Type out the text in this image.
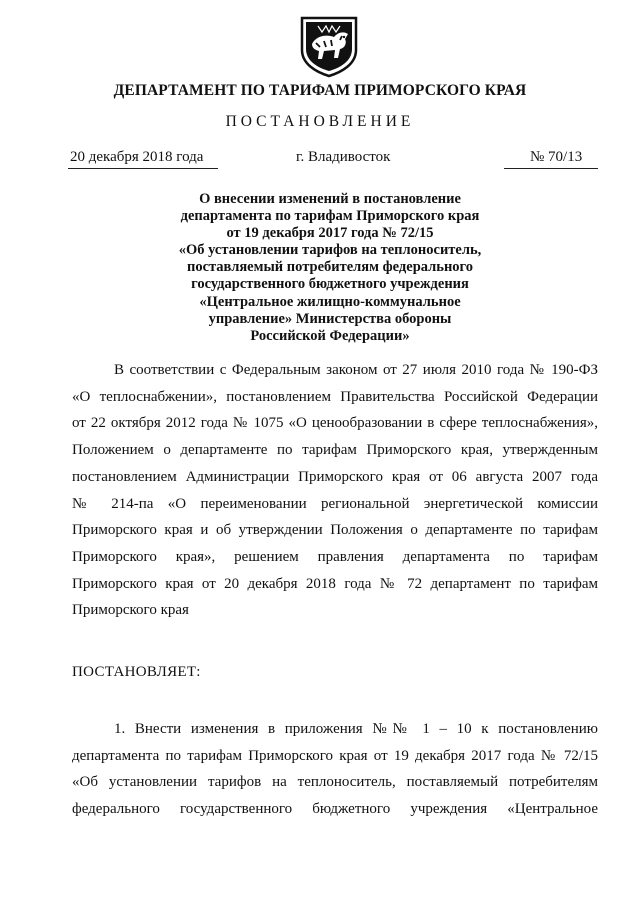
ДЕПАРТАМЕНТ ПО ТАРИФАМ ПРИМОРСКОГО КРАЯ
ПОСТАНОВЛЕНИЕ
20 декабря 2018 года	г. Владивосток	№ 70/13
О внесении изменений в постановление
департамента по тарифам Приморского края
от 19 декабря 2017 года № 72/15
«Об установлении тарифов на теплоноситель,
поставляемый потребителям федерального
государственного бюджетного учреждения
«Центральное жилищно-коммунальное
управление» Министерства обороны
Российской Федерации»
В соответствии с Федеральным законом от 27 июля 2010 года № 190-ФЗ
«О теплоснабжении», постановлением Правительства Российской Федерации
от 22 октября 2012 года № 1075 «О ценообразовании в сфере теплоснабжения»,
Положением о департаменте по тарифам Приморского края, утвержденным
постановлением Администрации Приморского края от 06 августа 2007 года
№ 214-па «О переименовании региональной энергетической комиссии
Приморского края и об утверждении Положения о департаменте по тарифам
Приморского края», решением правления департамента по тарифам
Приморского края от 20 декабря 2018 года № 72 департамент по тарифам
Приморского края
ПОСТАНОВЛЯЕТ:
1. Внести изменения в приложения №№ 1 – 10 к постановлению
департамента по тарифам Приморского края от 19 декабря 2017 года № 72/15
«Об установлении тарифов на теплоноситель, поставляемый потребителям
федерального государственного бюджетного учреждения «Центральное
